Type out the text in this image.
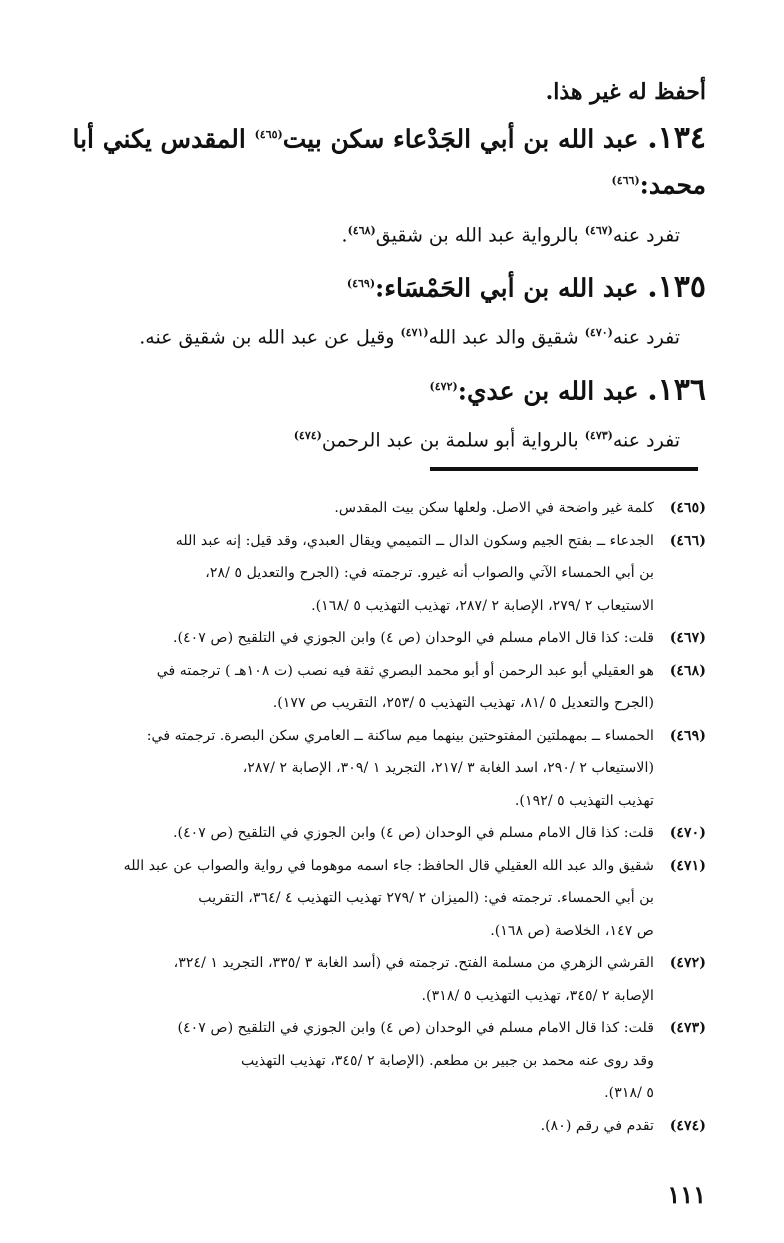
أحفظ له غير هذا.
١٣٤. عبد الله بن أبي الجَدْعاء سكن بيت$^{(٤٦٥)}$ المقدس يكني أبا
محمد:$^{(٤٦٦)}$
تفرد عنه$^{(٤٦٧)}$ بالرواية عبد الله بن شقيق$^{(٤٦٨)}$.
١٣٥. عبد الله بن أبي الحَمْسَاء:$^{(٤٦٩)}$
تفرد عنه$^{(٤٧٠)}$ شقيق والد عبد الله$^{(٤٧١)}$ وقيل عن عبد الله بن شقيق عنه.
١٣٦. عبد الله بن عدي:$^{(٤٧٢)}$
تفرد عنه$^{(٤٧٣)}$ بالرواية أبو سلمة بن عبد الرحمن$^{(٤٧٤)}$
(٤٦٥)
كلمة غير واضحة في الاصل. ولعلها سكن بيت المقدس.
(٤٦٦)
الجدعاء ــ بفتح الجيم وسكون الدال ــ التميمي ويقال العبدي، وقد قيل: إنه عبد الله
بن أبي الحمساء الآتي والصواب أنه غيرو. ترجمته في: (الجرح والتعديل ٥ /٢٨،
الاستيعاب ٢ /٢٧٩، الإصابة ٢ /٢٨٧، تهذيب التهذيب ٥ /١٦٨).
(٤٦٧)
قلت: كذا قال الامام مسلم في الوحدان (ص ٤) وابن الجوزي في التلقيح (ص ٤٠٧).
(٤٦٨)
هو العقيلي أبو عبد الرحمن أو أبو محمد البصري ثقة فيه نصب (ت ١٠٨هـ ) ترجمته في
(الجرح والتعديل ٥ /٨١، تهذيب التهذيب ٥ /٢٥٣، التقريب ص ١٧٧).
(٤٦٩)
الحمساء ــ بمهملتين المفتوحتين بينهما ميم ساكنة ــ العامري سكن البصرة. ترجمته في:
(الاستيعاب ٢ /٢٩٠، اسد الغابة ٣ /٢١٧، التجريد ١ /٣٠٩، الإصابة ٢ /٢٨٧،
تهذيب التهذيب ٥ /١٩٢).
(٤٧٠)
قلت: كذا قال الامام مسلم في الوحدان (ص ٤) وابن الجوزي في التلقيح (ص ٤٠٧).
(٤٧١)
شقيق والد عبد الله العقيلي قال الحافظ: جاء اسمه موهوما في رواية والصواب عن عبد الله
بن أبي الحمساء. ترجمته في: (الميزان ٢ /٢٧٩ تهذيب التهذيب ٤ /٣٦٤، التقريب
ص ١٤٧، الخلاصة (ص ١٦٨).
(٤٧٢)
القرشي الزهري من مسلمة الفتح. ترجمته في (أسد الغابة ٣ /٣٣٥، التجريد ١ /٣٢٤،
الإصابة ٢ /٣٤٥، تهذيب التهذيب ٥ /٣١٨).
(٤٧٣)
قلت: كذا قال الامام مسلم في الوحدان (ص ٤) وابن الجوزي في التلقيح (ص ٤٠٧)
وقد روى عنه محمد بن جبير بن مطعم. (الإصابة ٢ /٣٤٥، تهذيب التهذيب
٥ /٣١٨).
(٤٧٤)
تقدم في رقم (٨٠).
١١١
